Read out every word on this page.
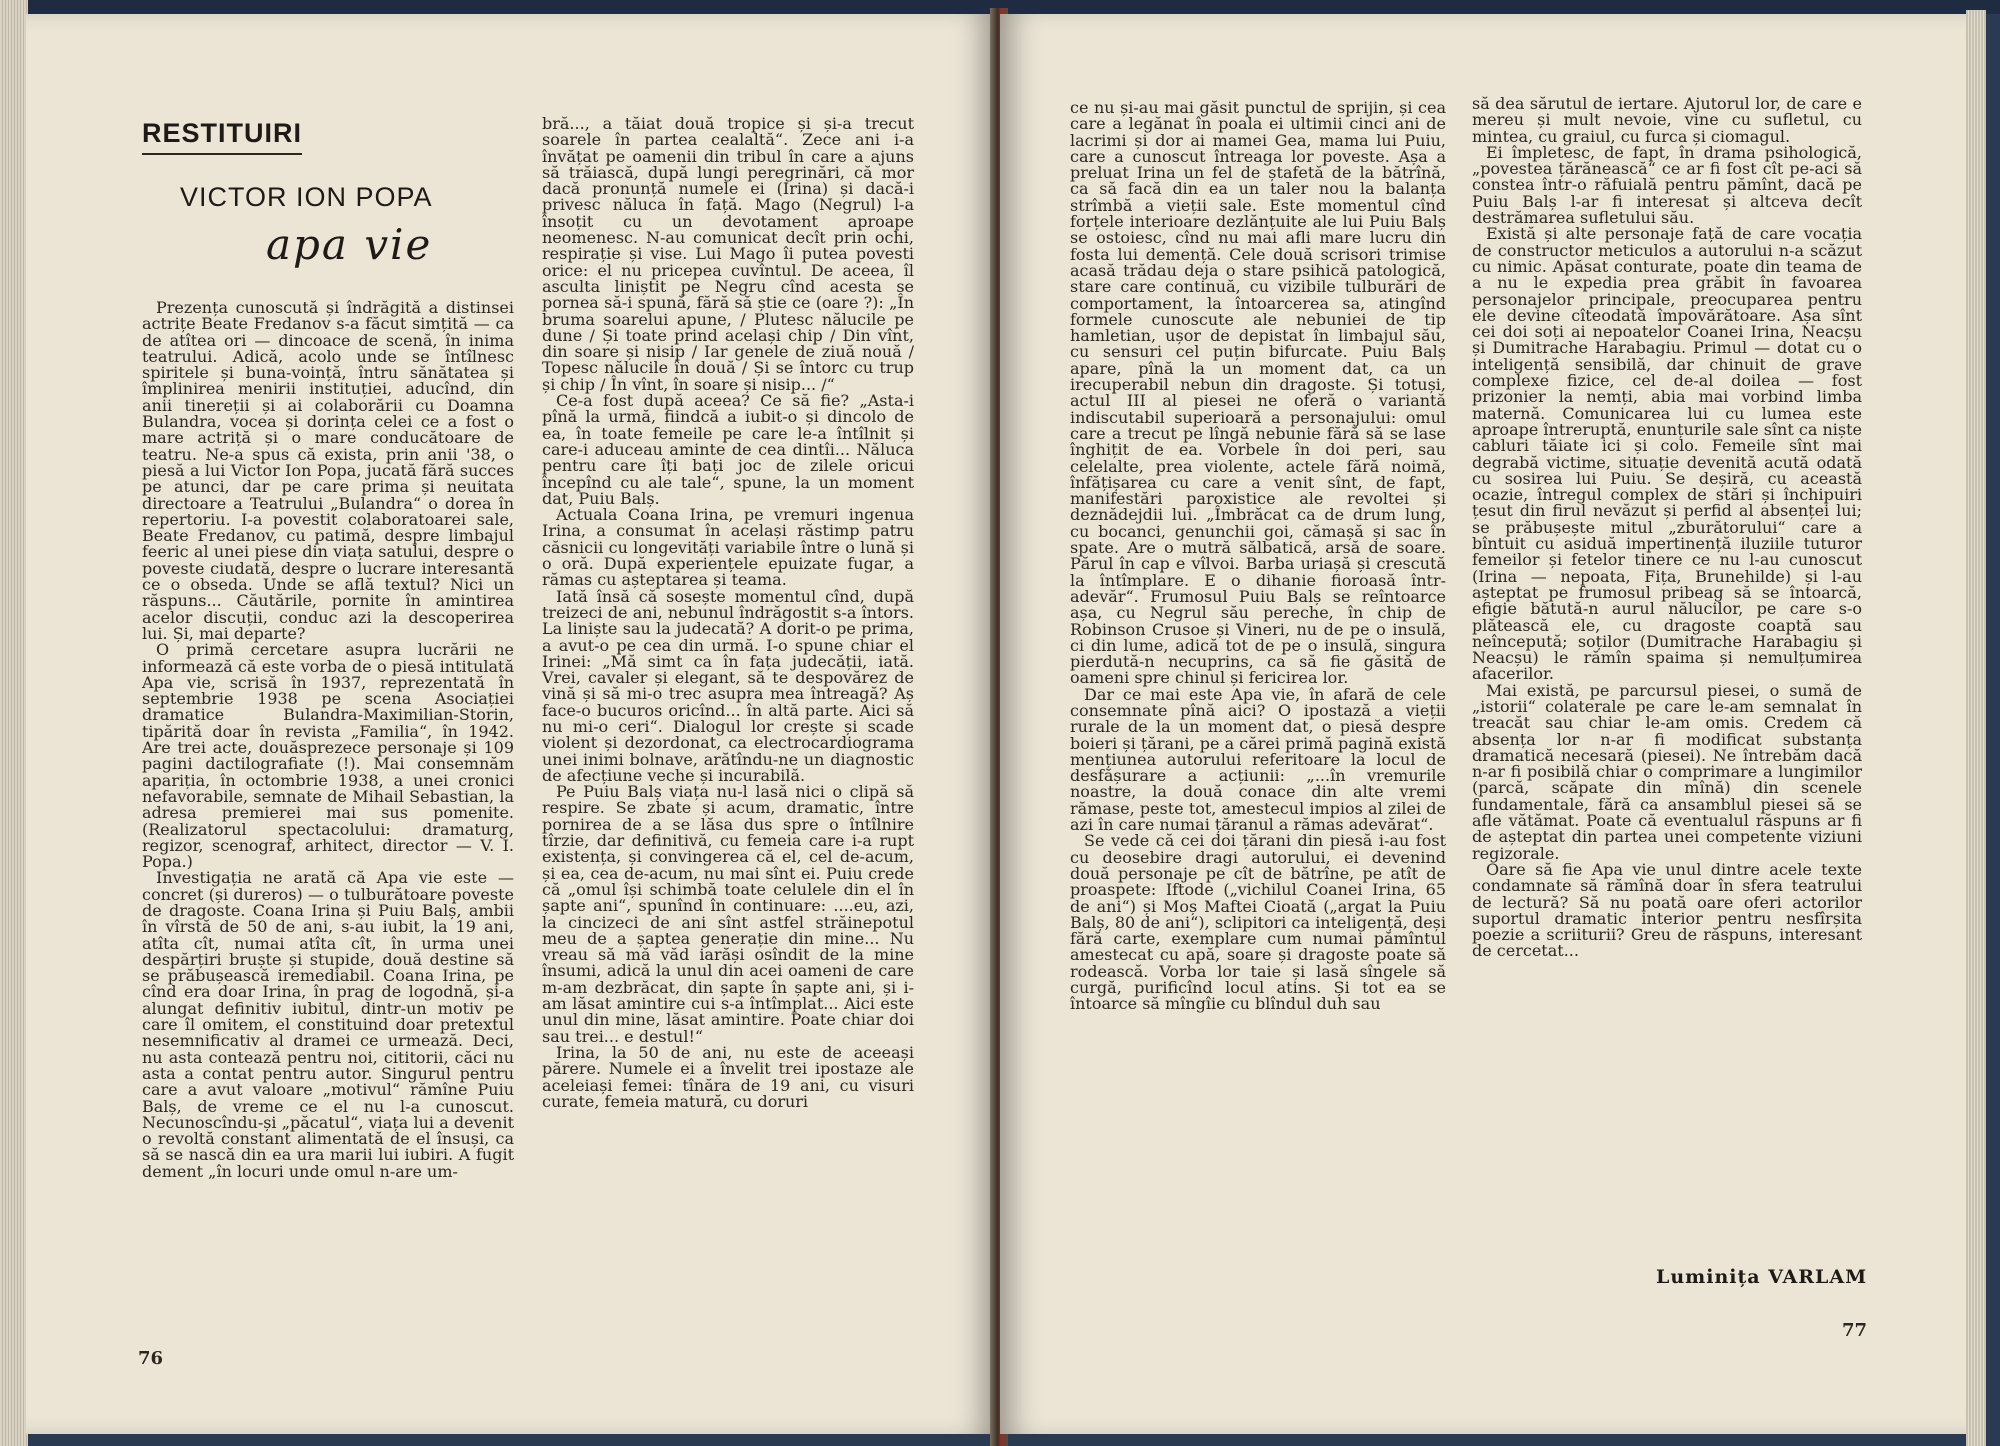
RESTITUIRI
VICTOR ION POPA
apa vie

Prezența cunoscută și îndrăgită a distinsei actrițe Beate Fredanov s-a făcut simțită — ca de atîtea ori — dincoace de scenă, în inima teatrului. Adică, acolo unde se întîlnesc spiritele și buna-voință, întru sănătatea și împlinirea menirii instituției, aducînd, din anii tinereții și ai colaborării cu Doamna Bulandra, vocea și dorința celei ce a fost o mare actriță și o mare conducătoare de teatru. Ne-a spus că exista, prin anii '38, o piesă a lui Victor Ion Popa, jucată fără succes pe atunci, dar pe care prima și neuitata directoare a Teatrului „Bulandra“ o dorea în repertoriu. I-a povestit colaboratoarei sale, Beate Fredanov, cu patimă, despre limbajul feeric al unei piese din viața satului, despre o poveste ciudată, despre o lucrare interesantă ce o obseda. Unde se află textul? Nici un răspuns... Căutările, pornite în amintirea acelor discuții, conduc azi la descoperirea lui. Și, mai departe?

O primă cercetare asupra lucrării ne informează că este vorba de o piesă intitulată Apa vie, scrisă în 1937, reprezentată în septembrie 1938 pe scena Asociației dramatice Bulandra-Maximilian-Storin, tipărită doar în revista „Familia“, în 1942. Are trei acte, douăsprezece personaje și 109 pagini dactilografiate (!). Mai consemnăm apariția, în octombrie 1938, a unei cronici nefavorabile, semnate de Mihail Sebastian, la adresa premierei mai sus pomenite. (Realizatorul spectacolului: dramaturg, regizor, scenograf, arhitect, director — V. I. Popa.)

Investigația ne arată că Apa vie este — concret (și dureros) — o tulburătoare poveste de dragoste. Coana Irina și Puiu Balș, ambii în vîrstă de 50 de ani, s-au iubit, la 19 ani, atîta cît, numai atîta cît, în urma unei despărțiri bruște și stupide, două destine să se prăbușească iremediabil. Coana Irina, pe cînd era doar Irina, în prag de logodnă, și-a alungat definitiv iubitul, dintr-un motiv pe care îl omitem, el constituind doar pretextul nesemnificativ al dramei ce urmează. Deci, nu asta contează pentru noi, cititorii, căci nu asta a contat pentru autor. Singurul pentru care a avut valoare „motivul“ rămîne Puiu Balș, de vreme ce el nu l-a cunoscut. Necunoscîndu-și „păcatul“, viața lui a devenit o revoltă constant alimentată de el însuși, ca să se nască din ea ura marii lui iubiri. A fugit dement „în locuri unde omul n-are um-

bră..., a tăiat două tropice și și-a trecut soarele în partea cealaltă“. Zece ani i-a învățat pe oamenii din tribul în care a ajuns să trăiască, după lungi peregrinări, că mor dacă pronunță numele ei (Irina) și dacă-i privesc năluca în față. Mago (Negrul) l-a însoțit cu un devotament aproape neomenesc. N-au comunicat decît prin ochi, respirație și vise. Lui Mago îi putea povesti orice: el nu pricepea cuvîntul. De aceea, îl asculta liniștit pe Negru cînd acesta se pornea să-i spună, fără să știe ce (oare ?): „În bruma soarelui apune, / Plutesc nălucile pe dune / Și toate prind același chip / Din vînt, din soare și nisip / Iar genele de ziuă nouă / Topesc nălucile în două / Și se întorc cu trup și chip / În vînt, în soare și nisip... /“

Ce-a fost după aceea? Ce să fie? „Asta-i pînă la urmă, fiindcă a iubit-o și dincolo de ea, în toate femeile pe care le-a întîlnit și care-i aduceau aminte de cea dintîi... Năluca pentru care îți bați joc de zilele oricui începînd cu ale tale“, spune, la un moment dat, Puiu Balș.

Actuala Coana Irina, pe vremuri ingenua Irina, a consumat în același răstimp patru căsnicii cu longevități variabile între o lună și o oră. După experiențele epuizate fugar, a rămas cu așteptarea și teama.

Iată însă că sosește momentul cînd, după treizeci de ani, nebunul îndrăgostit s-a întors. La liniște sau la judecată? A dorit-o pe prima, a avut-o pe cea din urmă. I-o spune chiar el Irinei: „Mă simt ca în fața judecății, iată. Vrei, cavaler și elegant, să te despovărez de vină și să mi-o trec asupra mea întreagă? Aș face-o bucuros oricînd... în altă parte. Aici să nu mi-o ceri“. Dialogul lor crește și scade violent și dezordonat, ca electrocardiograma unei inimi bolnave, arătîndu-ne un diagnostic de afecțiune veche și incurabilă.

Pe Puiu Balș viața nu-l lasă nici o clipă să respire. Se zbate și acum, dramatic, între pornirea de a se lăsa dus spre o întîlnire tîrzie, dar definitivă, cu femeia care i-a rupt existența, și convingerea că el, cel de-acum, și ea, cea de-acum, nu mai sînt ei. Puiu crede că „omul își schimbă toate celulele din el în șapte ani“, spunînd în continuare: ....eu, azi, la cincizeci de ani sînt astfel străinepotul meu de a șaptea generație din mine... Nu vreau să mă văd iarăși osîndit de la mine însumi, adică la unul din acei oameni de care m-am dezbrăcat, din șapte în șapte ani, și i-am lăsat amintire cui s-a întîmplat... Aici este unul din mine, lăsat amintire. Poate chiar doi sau trei... e destul!“

Irina, la 50 de ani, nu este de aceeași părere. Numele ei a învelit trei ipostaze ale aceleiași femei: tînăra de 19 ani, cu visuri curate, femeia matură, cu doruri

76

ce nu și-au mai găsit punctul de sprijin, și cea care a legănat în poala ei ultimii cinci ani de lacrimi și dor ai mamei Gea, mama lui Puiu, care a cunoscut întreaga lor poveste. Așa a preluat Irina un fel de ștafetă de la bătrînă, ca să facă din ea un taler nou la balanța strîmbă a vieții sale. Este momentul cînd forțele interioare dezlănțuite ale lui Puiu Balș se ostoiesc, cînd nu mai afli mare lucru din fosta lui demență. Cele două scrisori trimise acasă trădau deja o stare psihică patologică, stare care continuă, cu vizibile tulburări de comportament, la întoarcerea sa, atingînd formele cunoscute ale nebuniei de tip hamletian, ușor de depistat în limbajul său, cu sensuri cel puțin bifurcate. Puiu Balș apare, pînă la un moment dat, ca un irecuperabil nebun din dragoste. Și totuși, actul III al piesei ne oferă o variantă indiscutabil superioară a personajului: omul care a trecut pe lîngă nebunie fără să se lase înghițit de ea. Vorbele în doi peri, sau celelalte, prea violente, actele fără noimă, înfățișarea cu care a venit sînt, de fapt, manifestări paroxistice ale revoltei și deznădejdii lui. „Îmbrăcat ca de drum lung, cu bocanci, genunchii goi, cămașă și sac în spate. Are o mutră sălbatică, arsă de soare. Părul în cap e vîlvoi. Barba uriașă și crescută la întîmplare. E o dihanie fioroasă într-adevăr“. Frumosul Puiu Balș se reîntoarce așa, cu Negrul său pereche, în chip de Robinson Crusoe și Vineri, nu de pe o insulă, ci din lume, adică tot de pe o insulă, singura pierdută-n necuprins, ca să fie găsită de oameni spre chinul și fericirea lor.

Dar ce mai este Apa vie, în afară de cele consemnate pînă aici? O ipostază a vieții rurale de la un moment dat, o piesă despre boieri și țărani, pe a cărei primă pagină există mențiunea autorului referitoare la locul de desfășurare a acțiunii: „...în vremurile noastre, la două conace din alte vremi rămase, peste tot, amestecul impios al zilei de azi în care numai țăranul a rămas adevărat“.

Se vede că cei doi țărani din piesă i-au fost cu deosebire dragi autorului, ei devenind două personaje pe cît de bătrîne, pe atît de proaspete: Iftode („vichilul Coanei Irina, 65 de ani“) și Moș Maftei Cioată („argat la Puiu Balș, 80 de ani“), sclipitori ca inteligență, deși fără carte, exemplare cum numai pămîntul amestecat cu apă, soare și dragoste poate să rodească. Vorba lor taie și lasă sîngele să curgă, purificînd locul atins. Și tot ea se întoarce să mîngîie cu blîndul duh sau

să dea sărutul de iertare. Ajutorul lor, de care e mereu și mult nevoie, vine cu sufletul, cu mintea, cu graiul, cu furca și ciomagul.

Ei împletesc, de fapt, în drama psihologică, „povestea țărănească“ ce ar fi fost cît pe-aci să constea într-o răfuială pentru pămînt, dacă pe Puiu Balș l-ar fi interesat și altceva decît destrămarea sufletului său.

Există și alte personaje față de care vocația de constructor meticulos a autorului n-a scăzut cu nimic. Apăsat conturate, poate din teama de a nu le expedia prea grăbit în favoarea personajelor principale, preocuparea pentru ele devine cîteodată împovărătoare. Așa sînt cei doi soți ai nepoatelor Coanei Irina, Neacșu și Dumitrache Harabagiu. Primul — dotat cu o inteligență sensibilă, dar chinuit de grave complexe fizice, cel de-al doilea — fost prizonier la nemți, abia mai vorbind limba maternă. Comunicarea lui cu lumea este aproape întreruptă, enunțurile sale sînt ca niște cabluri tăiate ici și colo. Femeile sînt mai degrabă victime, situație devenită acută odată cu sosirea lui Puiu. Se deșiră, cu această ocazie, întregul complex de stări și închipuiri țesut din firul nevăzut și perfid al absenței lui; se prăbușește mitul „zburătorului“ care a bîntuit cu asiduă impertinență iluziile tuturor femeilor și fetelor tinere ce nu l-au cunoscut (Irina — nepoata, Fița, Brunehilde) și l-au așteptat pe frumosul pribeag să se întoarcă, efigie bătută-n aurul nălucilor, pe care s-o plătească ele, cu dragoste coaptă sau neîncepută; soților (Dumitrache Harabagiu și Neacșu) le rămîn spaima și nemulțumirea afacerilor.

Mai există, pe parcursul piesei, o sumă de „istorii“ colaterale pe care le-am semnalat în treacăt sau chiar le-am omis. Credem că absența lor n-ar fi modificat substanța dramatică necesară (piesei). Ne întrebăm dacă n-ar fi posibilă chiar o comprimare a lungimilor (parcă, scăpate din mînă) din scenele fundamentale, fără ca ansamblul piesei să se afle vătămat. Poate că eventualul răspuns ar fi de așteptat din partea unei competente viziuni regizorale.

Oare să fie Apa vie unul dintre acele texte condamnate să rămînă doar în sfera teatrului de lectură? Să nu poată oare oferi actorilor suportul dramatic interior pentru nesfîrșita poezie a scriiturii? Greu de răspuns, interesant de cercetat...

77
Luminița VARLAM
